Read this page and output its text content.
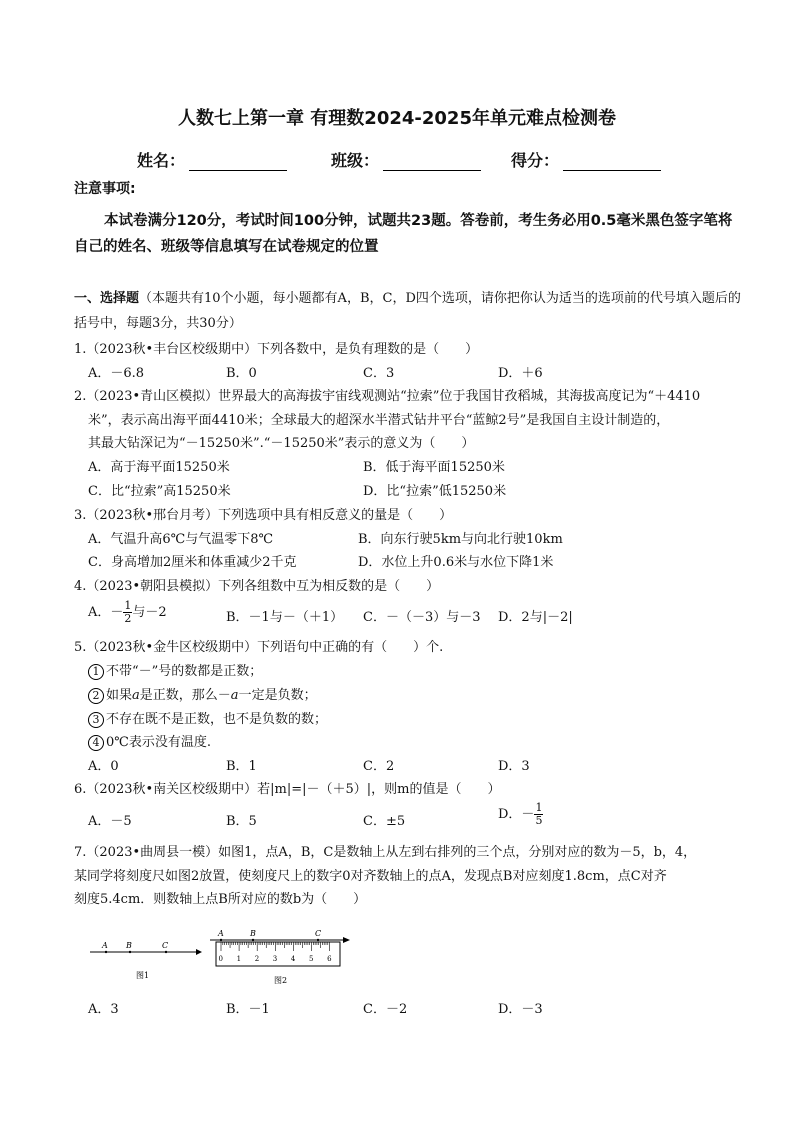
人数七上第一章 有理数2024-2025年单元难点检测卷
姓名：	班级：	得分：
注意事项:
本试卷满分120分，考试时间100分钟，试题共23题。答卷前，考生务必用0.5毫米黑色签字笔将自己的姓名、班级等信息填写在试卷规定的位置
一、选择题（本题共有10个小题，每小题都有A，B，C，D四个选项，请你把你认为适当的选项前的代号填入题后的括号中，每题3分，共30分）
1.（2023秋•丰台区校级期中）下列各数中，是负有理数的是（　　）
A．－6.8	B．0	C．3	D．＋6
2.（2023•青山区模拟）世界最大的高海拔宇宙线观测站“拉索”位于我国甘孜稻城，其海拔高度记为“＋4410
米”，表示高出海平面4410米；全球最大的超深水半潜式钻井平台“蓝鲸2号”是我国自主设计制造的，
其最大钻深记为“－15250米”.“－15250米”表示的意义为（　　）
A．高于海平面15250米	B．低于海平面15250米
C．比“拉索”高15250米	D．比“拉索”低15250米
3.（2023秋•邢台月考）下列选项中具有相反意义的量是（　　）
A．气温升高6℃与气温零下8℃	B．向东行驶5km与向北行驶10km
C．身高增加2厘米和体重减少2千克	D．水位上升0.6米与水位下降1米
4.（2023•朝阳县模拟）下列各组数中互为相反数的是（　　）
A．－ $\frac{1}{2}$ 与－2	B．－1与－（＋1） C．－（－3）与－3 D．2与|－2|
5.（2023秋•金牛区校级期中）下列语句中正确的有（　　）个.
1 不带“－”号的数都是正数；
2 如果a是正数，那么－a一定是负数；
3 不存在既不是正数，也不是负数的数；
4 0℃表示没有温度.
A．0	B．1	C．2	D．3
6.（2023秋•南关区校级期中）若|m|=|－（＋5）|，则m的值是（　　）
A．－5	B．5	C．±5	D．－ $\frac{1}{5}$
7.（2023•曲周县一模）如图1，点A，B，C是数轴上从左到右排列的三个点，分别对应的数为－5，b，4，
某同学将刻度尺如图2放置，使刻度尺上的数字0对齐数轴上的点A，发现点B对应刻度1.8cm，点C对齐
刻度5.4cm．则数轴上点B所对应的数b为（　　）
A B	C
图1
A	B	C
0 1 2 3 4 5 6
图2
A．3	B．－1	C．－2	D．－3
